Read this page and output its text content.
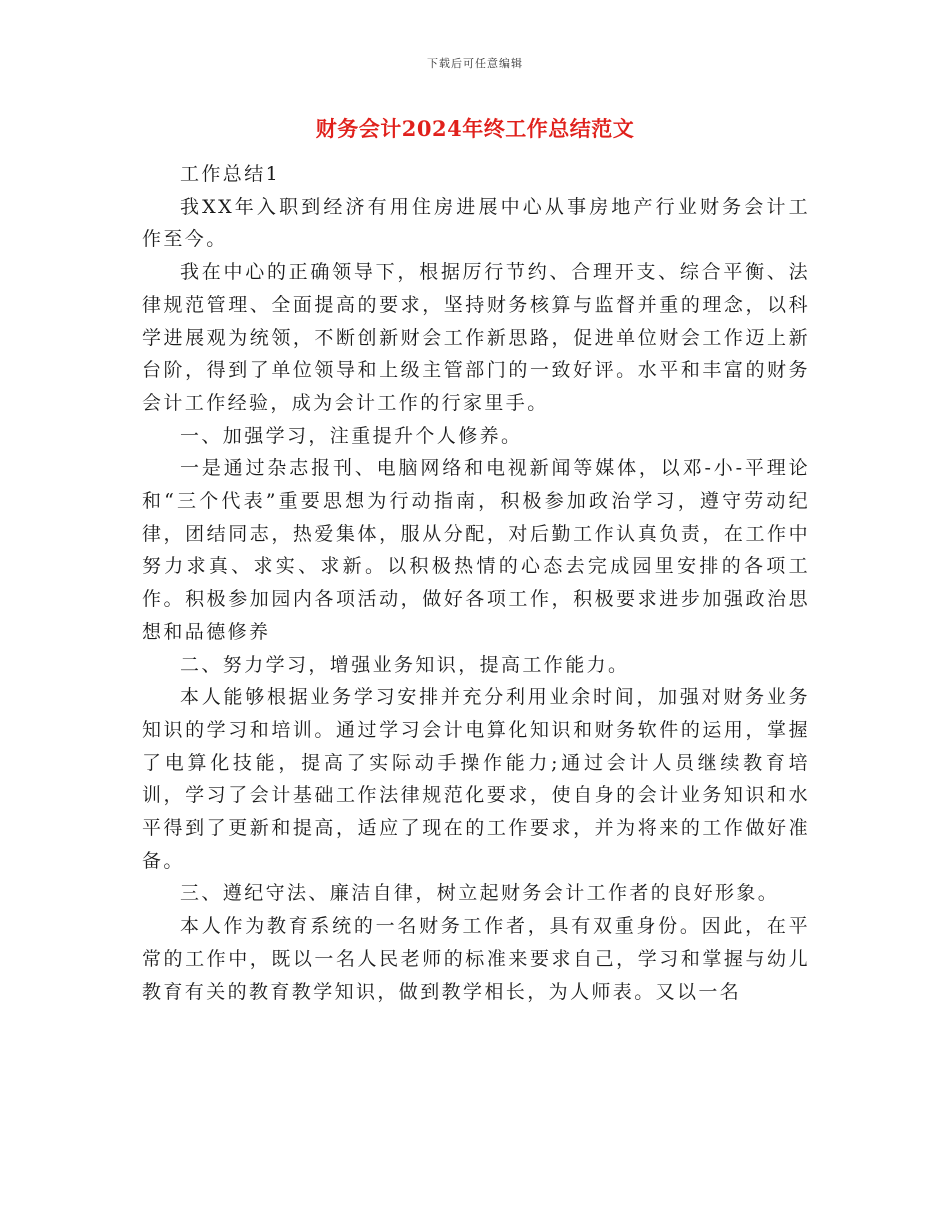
下载后可任意编辑
财务会计2024年终工作总结范文

工作总结1

我XX年入职到经济有用住房进展中心从事房地产行业财务会计工作至今。

我在中心的正确领导下，根据厉行节约、合理开支、综合平衡、法律规范管理、全面提高的要求，坚持财务核算与监督并重的理念，以科学进展观为统领，不断创新财会工作新思路，促进单位财会工作迈上新台阶，得到了单位领导和上级主管部门的一致好评。水平和丰富的财务会计工作经验，成为会计工作的行家里手。

一、加强学习，注重提升个人修养。

一是通过杂志报刊、电脑网络和电视新闻等媒体，以邓-小-平理论和“三个代表”重要思想为行动指南，积极参加政治学习，遵守劳动纪律，团结同志，热爱集体，服从分配，对后勤工作认真负责，在工作中努力求真、求实、求新。以积极热情的心态去完成园里安排的各项工作。积极参加园内各项活动，做好各项工作，积极要求进步加强政治思想和品德修养

二、努力学习，增强业务知识，提高工作能力。

本人能够根据业务学习安排并充分利用业余时间，加强对财务业务知识的学习和培训。通过学习会计电算化知识和财务软件的运用，掌握了电算化技能，提高了实际动手操作能力;通过会计人员继续教育培训，学习了会计基础工作法律规范化要求，使自身的会计业务知识和水平得到了更新和提高，适应了现在的工作要求，并为将来的工作做好准备。

三、遵纪守法、廉洁自律，树立起财务会计工作者的良好形象。

本人作为教育系统的一名财务工作者，具有双重身份。因此，在平常的工作中，既以一名人民老师的标准来要求自己，学习和掌握与幼儿教育有关的教育教学知识，做到教学相长，为人师表。又以一名
